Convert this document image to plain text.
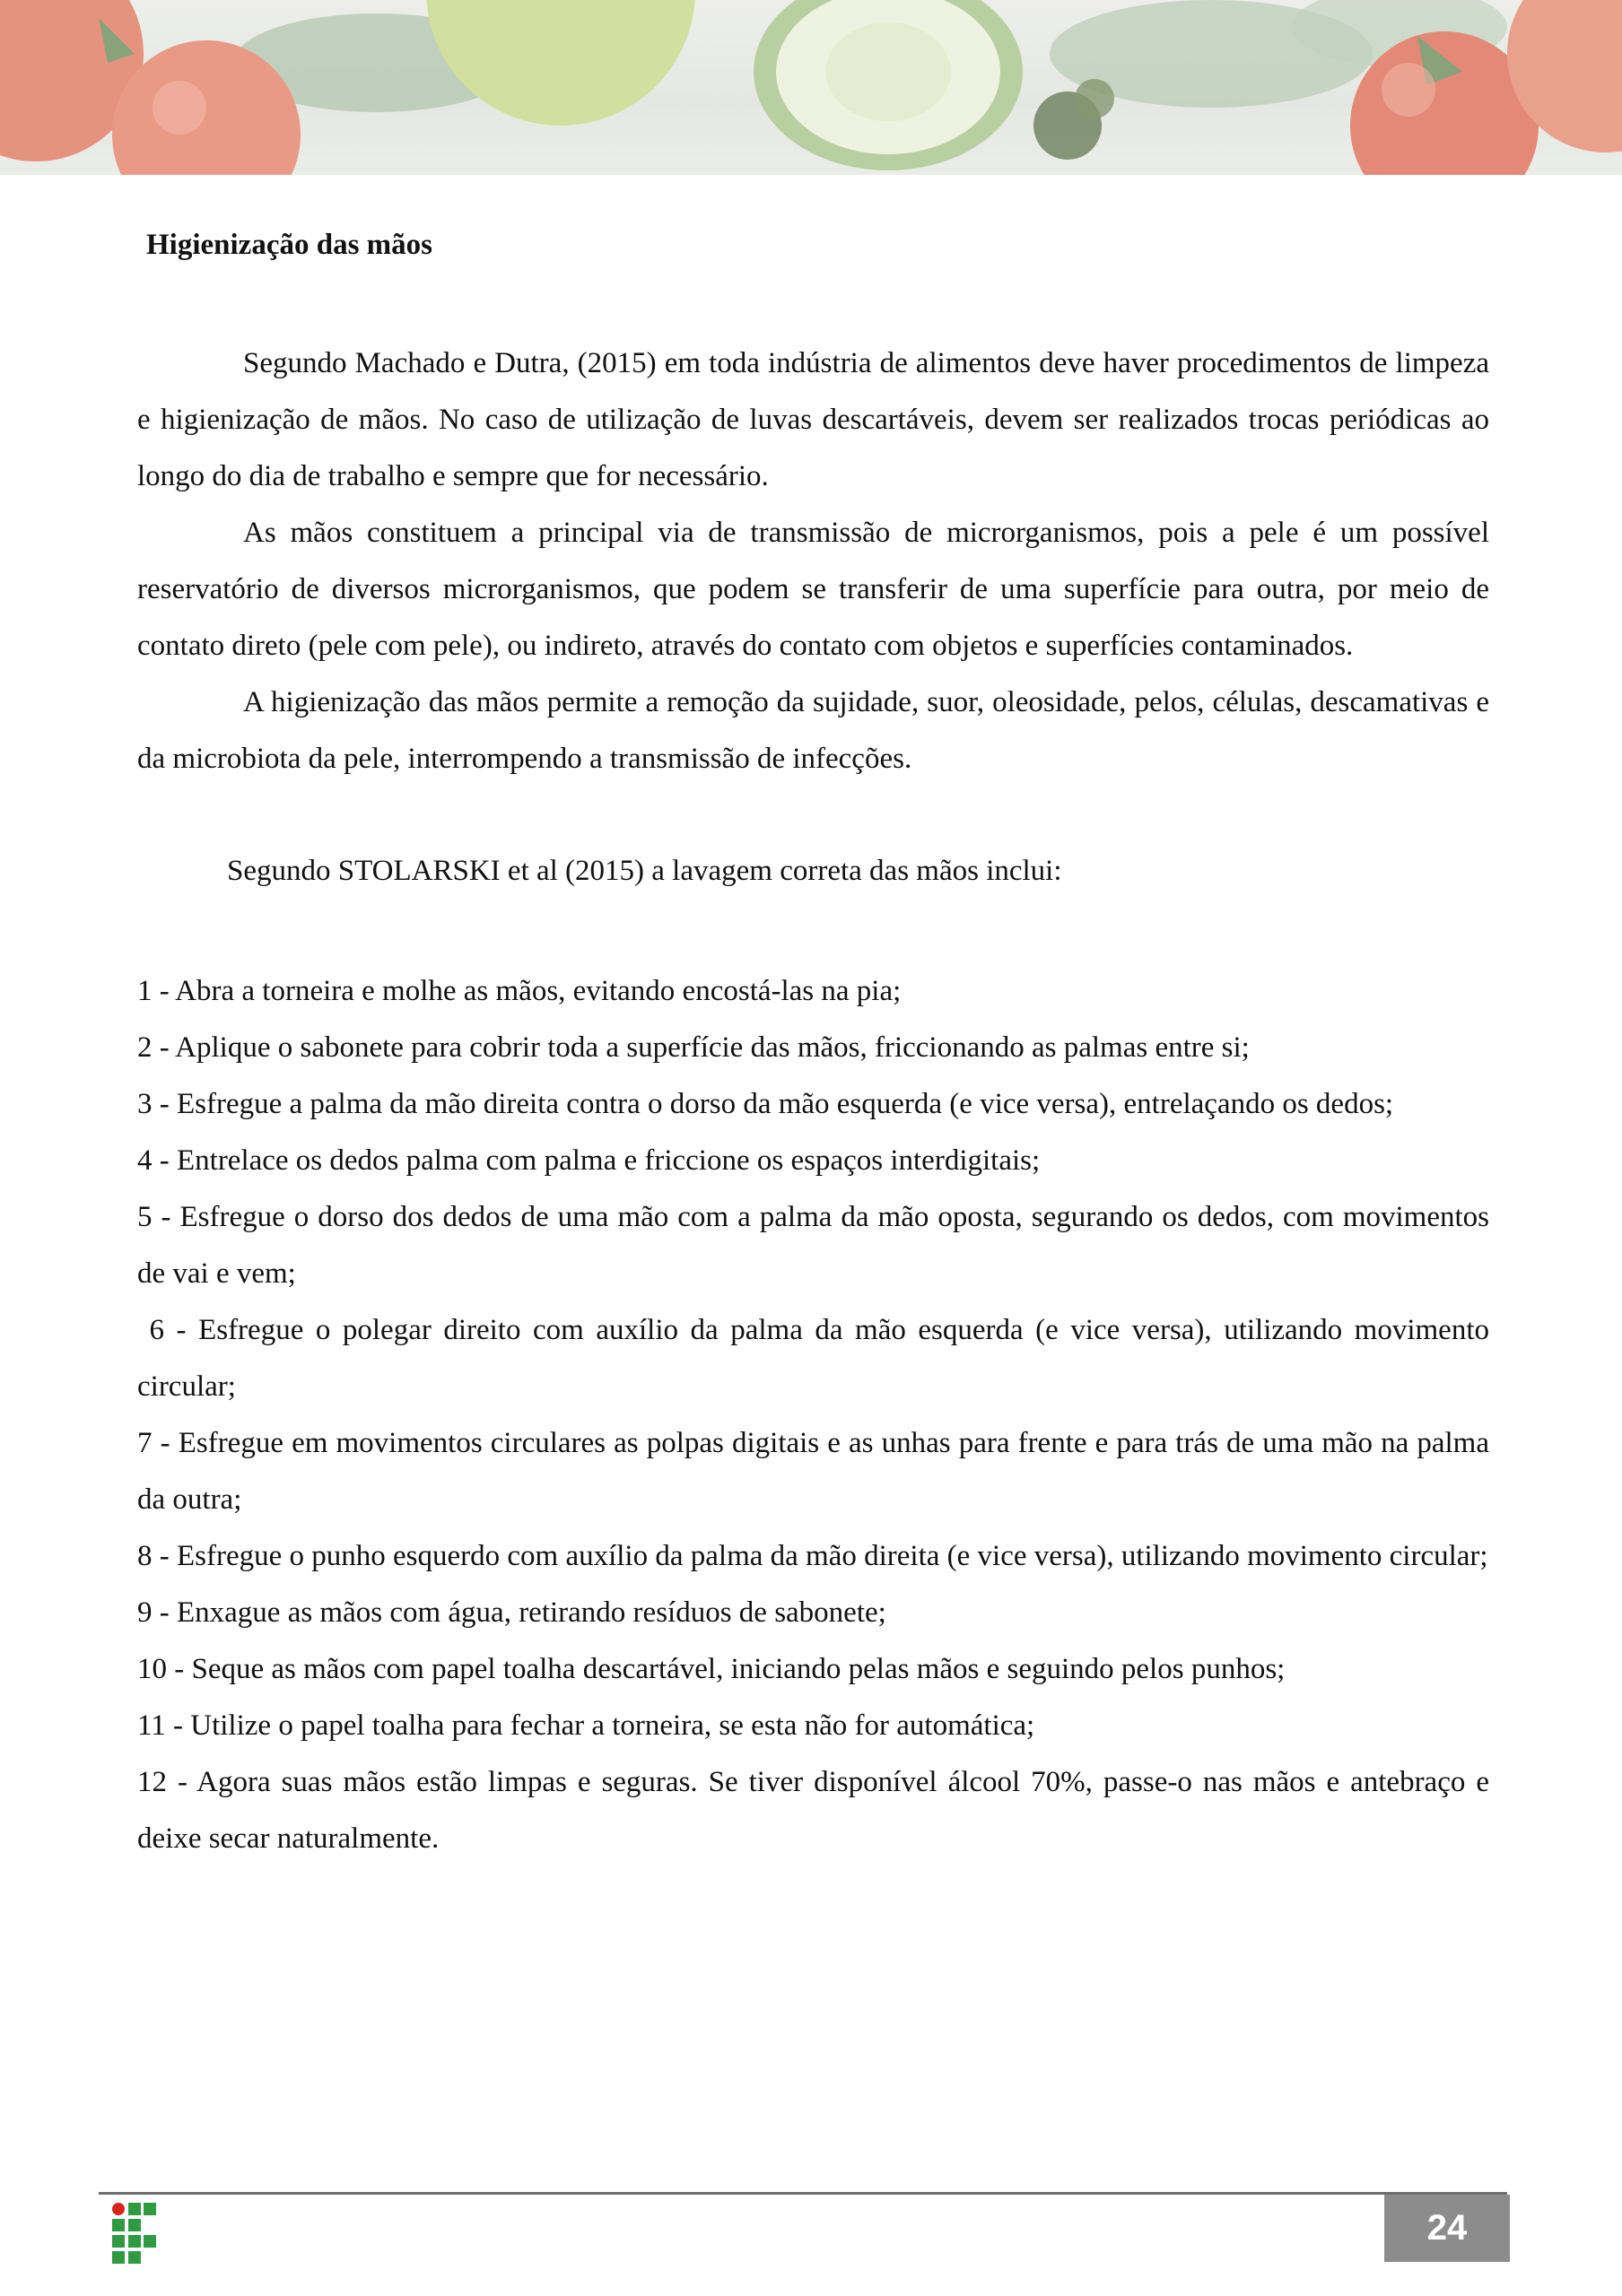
Higienização das mãos

Segundo Machado e Dutra, (2015) em toda indústria de alimentos deve haver procedimentos de limpeza e higienização de mãos. No caso de utilização de luvas descartáveis, devem ser realizados trocas periódicas ao longo do dia de trabalho e sempre que for necessário.

As mãos constituem a principal via de transmissão de microrganismos, pois a pele é um possível reservatório de diversos microrganismos, que podem se transferir de uma superfície para outra, por meio de contato direto (pele com pele), ou indireto, através do contato com objetos e superfícies contaminados.

A higienização das mãos permite a remoção da sujidade, suor, oleosidade, pelos, células, descamativas e da microbiota da pele, interrompendo a transmissão de infecções.

Segundo STOLARSKI et al (2015) a lavagem correta das mãos inclui:

1 - Abra a torneira e molhe as mãos, evitando encostá-las na pia;
2 - Aplique o sabonete para cobrir toda a superfície das mãos, friccionando as palmas entre si;
3 - Esfregue a palma da mão direita contra o dorso da mão esquerda (e vice versa), entrelaçando os dedos;
4 - Entrelace os dedos palma com palma e friccione os espaços interdigitais;
5 - Esfregue o dorso dos dedos de uma mão com a palma da mão oposta, segurando os dedos, com movimentos de vai e vem;
6 - Esfregue o polegar direito com auxílio da palma da mão esquerda (e vice versa), utilizando movimento circular;
7 - Esfregue em movimentos circulares as polpas digitais e as unhas para frente e para trás de uma mão na palma da outra;
8 - Esfregue o punho esquerdo com auxílio da palma da mão direita (e vice versa), utilizando movimento circular;
9 - Enxague as mãos com água, retirando resíduos de sabonete;
10 - Seque as mãos com papel toalha descartável, iniciando pelas mãos e seguindo pelos punhos;
11 - Utilize o papel toalha para fechar a torneira, se esta não for automática;
12 - Agora suas mãos estão limpas e seguras. Se tiver disponível álcool 70%, passe-o nas mãos e antebraço e deixe secar naturalmente.
24
